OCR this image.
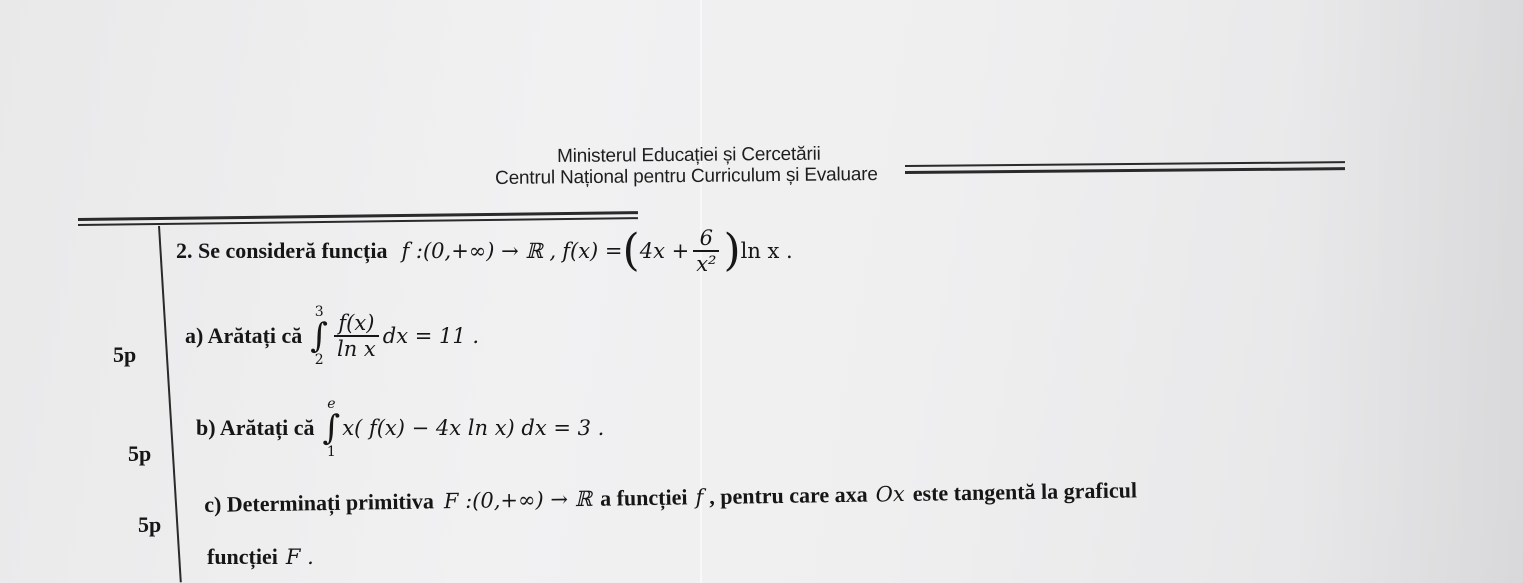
Ministerul Educației și Cercetării
Centrul Național pentru Curriculum și Evaluare
2. Se consideră funcția f :(0,+∞) → ℝ , f(x) = ( $4x + \frac{6}{\text{x²}}$ ) ln x .
5p
a) Arătați că
3
∫
$2 \frac{f(x)}{\text{ln x}}$ dx = 11 .
5p
b) Arătați că
e
∫
1
x( f(x) − 4x ln x) dx = 3 .
5p
c) Determinați primitiva F :(0,+∞) → ℝ a funcției f , pentru care axa Ox este tangentă la graficul
funcției F .
